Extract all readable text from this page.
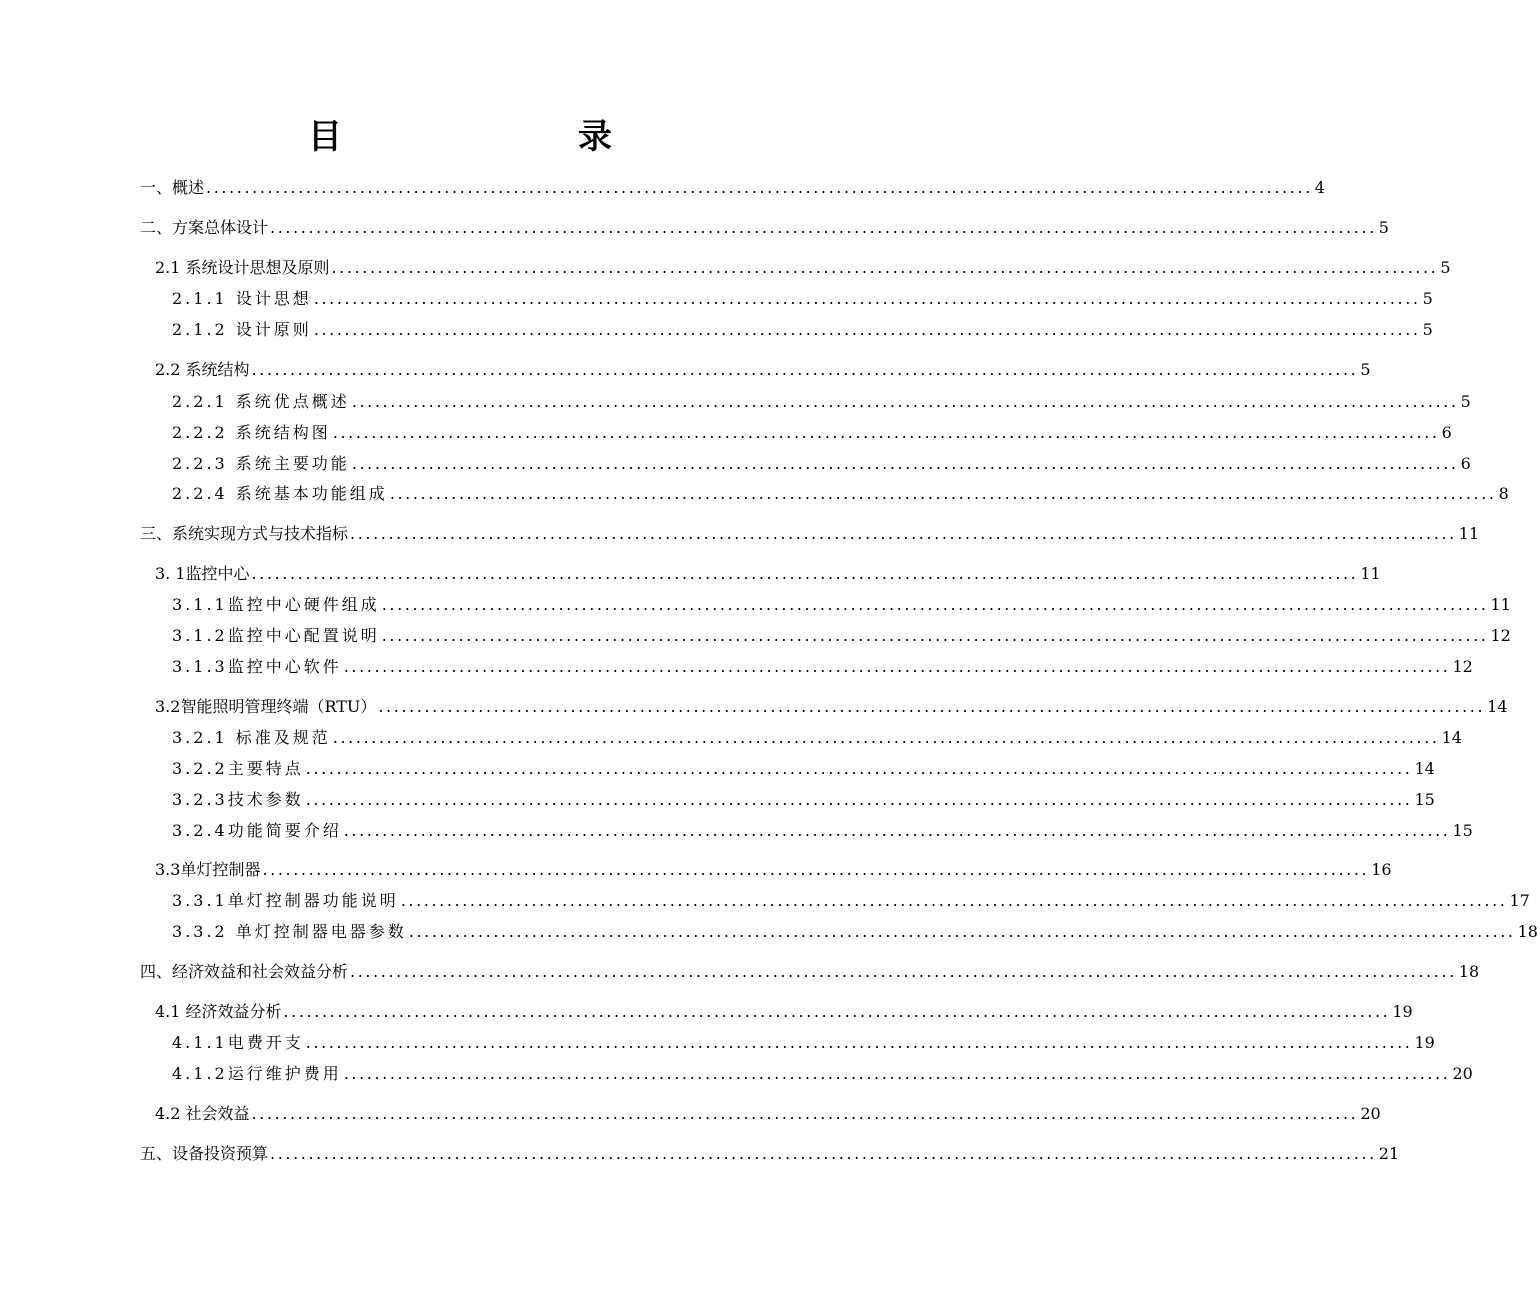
目　　录
一、概述 ................................................................................................................................................ 4
二、方案总体设计 ................................................................................................................................................ 5
2.1 系统设计思想及原则 ................................................................................................................................................ 5
2.1.1 设计思想 ................................................................................................................................................ 5
2.1.2 设计原则 ................................................................................................................................................ 5
2.2 系统结构 ................................................................................................................................................ 5
2.2.1 系统优点概述 ................................................................................................................................................ 5
2.2.2 系统结构图 ................................................................................................................................................ 6
2.2.3 系统主要功能 ................................................................................................................................................ 6
2.2.4 系统基本功能组成 ................................................................................................................................................ 8
三、系统实现方式与技术指标 ................................................................................................................................................ 11
3. 1监控中心 ................................................................................................................................................ 11
3.1.1监控中心硬件组成 ................................................................................................................................................ 11
3.1.2监控中心配置说明 ................................................................................................................................................ 12
3.1.3监控中心软件 ................................................................................................................................................ 12
3.2智能照明管理终端（RTU） ................................................................................................................................................ 14
3.2.1 标准及规范 ................................................................................................................................................ 14
3.2.2主要特点 ................................................................................................................................................ 14
3.2.3技术参数 ................................................................................................................................................ 15
3.2.4功能简要介绍 ................................................................................................................................................ 15
3.3单灯控制器 ................................................................................................................................................ 16
3.3.1单灯控制器功能说明 ................................................................................................................................................ 17
3.3.2 单灯控制器电器参数 ................................................................................................................................................ 18
四、经济效益和社会效益分析 ................................................................................................................................................ 18
4.1 经济效益分析 ................................................................................................................................................ 19
4.1.1电费开支 ................................................................................................................................................ 19
4.1.2运行维护费用 ................................................................................................................................................ 20
4.2 社会效益 ................................................................................................................................................ 20
五、设备投资预算 ................................................................................................................................................ 21
